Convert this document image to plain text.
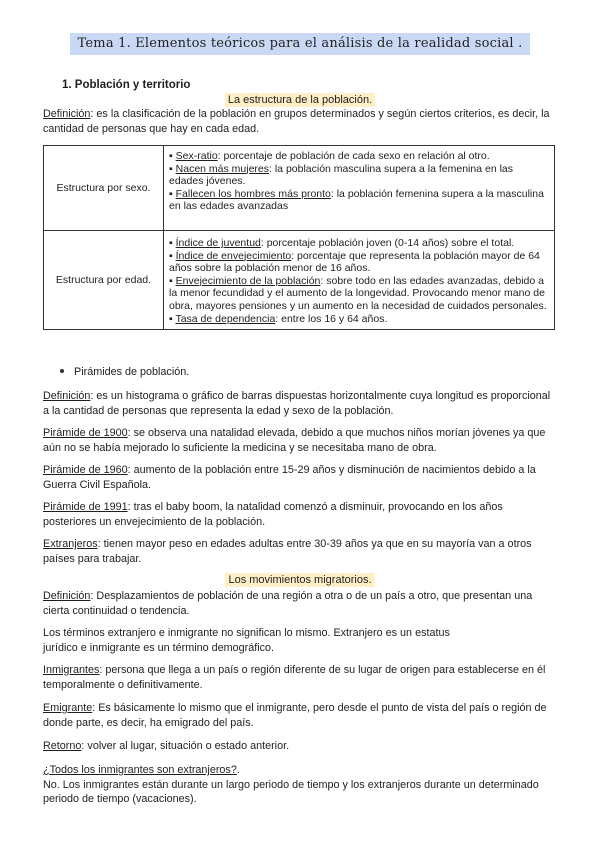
Tema 1. Elementos teóricos para el análisis de la realidad social .
1. Población y territorio
La estructura de la población.

Definición: es la clasificación de la población en grupos determinados y según ciertos criterios, es decir, la cantidad de personas que hay en cada edad.

Estructura por sexo.	▪ Sex-ratio: porcentaje de población de cada sexo en relación al otro.
▪ Nacen más mujeres: la población masculina supera a la femenina en las edades jóvenes.
▪ Fallecen los hombres más pronto: la población femenina supera a la masculina en las edades avanzadas

Estructura por edad.	▪ Índice de juventud: porcentaje población joven (0-14 años) sobre el total.
▪ Índice de envejecimiento: porcentaje que representa la población mayor de 64 años sobre la población menor de 16 años.
▪ Envejecimiento de la población: sobre todo en las edades avanzadas, debido a la menor fecundidad y el aumento de la longevidad. Provocando menor mano de obra, mayores pensiones y un aumento en la necesidad de cuidados personales.
▪ Tasa de dependencia: entre los 16 y 64 años.
Pirámides de población.

Definición: es un histograma o gráfico de barras dispuestas horizontalmente cuya longitud es proporcional a la cantidad de personas que representa la edad y sexo de la población.

Pirámide de 1900: se observa una natalidad elevada, debido a que muchos niños morían jóvenes ya que aún no se había mejorado lo suficiente la medicina y se necesitaba mano de obra.

Pirámide de 1960: aumento de la población entre 15-29 años y disminución de nacimientos debido a la Guerra Civil Española.

Pirámide de 1991: tras el baby boom, la natalidad comenzó a disminuir, provocando en los años posteriores un envejecimiento de la población.

Extranjeros: tienen mayor peso en edades adultas entre 30-39 años ya que en su mayoría van a otros países para trabajar.

Los movimientos migratorios.

Definición: Desplazamientos de población de una región a otra o de un país a otro, que presentan una cierta continuidad o tendencia.

Los términos extranjero e inmigrante no significan lo mismo. Extranjero es un estatus
jurídico e inmigrante es un término demográfico.

Inmigrantes: persona que llega a un país o región diferente de su lugar de origen para establecerse en él temporalmente o definitivamente.

Emigrante: Es básicamente lo mismo que el inmigrante, pero desde el punto de vista del país o región de donde parte, es decir, ha emigrado del país.

Retorno: volver al lugar, situación o estado anterior.

¿Todos los inmigrantes son extranjeros?.
No. Los inmigrantes están durante un largo periodo de tiempo y los extranjeros durante un determinado periodo de tiempo (vacaciones).
